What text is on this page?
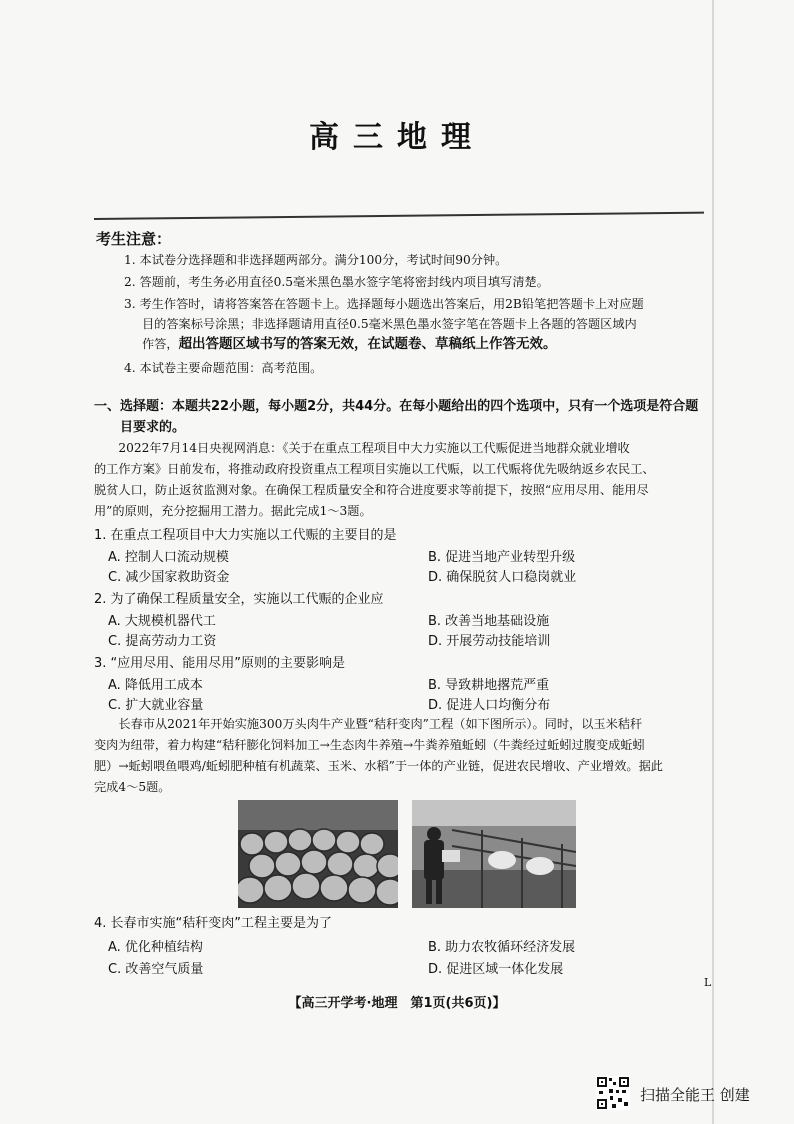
高三地理
考生注意：
1. 本试卷分选择题和非选择题两部分。满分100分，考试时间90分钟。
2. 答题前，考生务必用直径0.5毫米黑色墨水签字笔将密封线内项目填写清楚。
3. 考生作答时，请将答案答在答题卡上。选择题每小题选出答案后，用2B铅笔把答题卡上对应题
目的答案标号涂黑；非选择题请用直径0.5毫米黑色墨水签字笔在答题卡上各题的答题区域内
作答，超出答题区域书写的答案无效，在试题卷、草稿纸上作答无效。
4. 本试卷主要命题范围：高考范围。
一、选择题：本题共22小题，每小题2分，共44分。在每小题给出的四个选项中，只有一个选项是符合题
目要求的。
2022年7月14日央视网消息：《关于在重点工程项目中大力实施以工代赈促进当地群众就业增收
的工作方案》日前发布，将推动政府投资重点工程项目实施以工代赈，以工代赈将优先吸纳返乡农民工、
脱贫人口，防止返贫监测对象。在确保工程质量安全和符合进度要求等前提下，按照“应用尽用、能用尽
用”的原则，充分挖掘用工潜力。据此完成1～3题。
1. 在重点工程项目中大力实施以工代赈的主要目的是
A. 控制人口流动规模	B. 促进当地产业转型升级
C. 减少国家救助资金	D. 确保脱贫人口稳岗就业
2. 为了确保工程质量安全，实施以工代赈的企业应
A. 大规模机器代工	B. 改善当地基础设施
C. 提高劳动力工资	D. 开展劳动技能培训
3. “应用尽用、能用尽用”原则的主要影响是
A. 降低用工成本	B. 导致耕地撂荒严重
C. 扩大就业容量	D. 促进人口均衡分布
长春市从2021年开始实施300万头肉牛产业暨“秸秆变肉”工程（如下图所示）。同时，以玉米秸秆
变肉为纽带，着力构建“秸秆膨化饲料加工→生态肉牛养殖→牛粪养殖蚯蚓（牛粪经过蚯蚓过腹变成蚯蚓
肥）→蚯蚓喂鱼喂鸡/蚯蚓肥种植有机蔬菜、玉米、水稻”于一体的产业链，促进农民增收、产业增效。据此
完成4～5题。
4. 长春市实施“秸秆变肉”工程主要是为了
A. 优化种植结构	B. 助力农牧循环经济发展
C. 改善空气质量	D. 促进区域一体化发展
L
【高三开学考·地理　第1页(共6页)】
扫描全能王 创建
